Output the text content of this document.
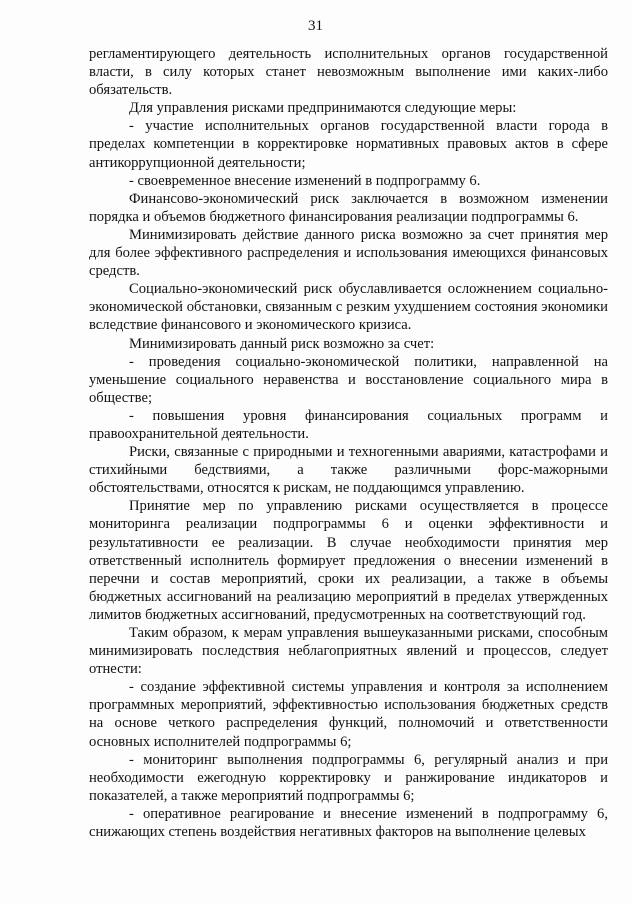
31

регламентирующего деятельность исполнительных органов государственной власти, в силу которых станет невозможным выполнение ими каких-либо обязательств.

Для управления рисками предпринимаются следующие меры:

- участие исполнительных органов государственной власти города в пределах компетенции в корректировке нормативных правовых актов в сфере антикоррупционной деятельности;

- своевременное внесение изменений в подпрограмму 6.

Финансово-экономический риск заключается в возможном изменении порядка и объемов бюджетного финансирования реализации подпрограммы 6.

Минимизировать действие данного риска возможно за счет принятия мер для более эффективного распределения и использования имеющихся финансовых средств.

Социально-экономический риск обуславливается осложнением социально-экономической обстановки, связанным с резким ухудшением состояния экономики вследствие финансового и экономического кризиса.

Минимизировать данный риск возможно за счет:

- проведения социально-экономической политики, направленной на уменьшение социального неравенства и восстановление социального мира в обществе;

- повышения уровня финансирования социальных программ и правоохранительной деятельности.

Риски, связанные с природными и техногенными авариями, катастрофами и стихийными бедствиями, а также различными форс-мажорными обстоятельствами, относятся к рискам, не поддающимся управлению.

Принятие мер по управлению рисками осуществляется в процессе мониторинга реализации подпрограммы 6 и оценки эффективности и результативности ее реализации. В случае необходимости принятия мер ответственный исполнитель формирует предложения о внесении изменений в перечни и состав мероприятий, сроки их реализации, а также в объемы бюджетных ассигнований на реализацию мероприятий в пределах утвержденных лимитов бюджетных ассигнований, предусмотренных на соответствующий год.

Таким образом, к мерам управления вышеуказанными рисками, способным минимизировать последствия неблагоприятных явлений и процессов, следует отнести:

- создание эффективной системы управления и контроля за исполнением программных мероприятий, эффективностью использования бюджетных средств на основе четкого распределения функций, полномочий и ответственности основных исполнителей подпрограммы 6;

- мониторинг выполнения подпрограммы 6, регулярный анализ и при необходимости ежегодную корректировку и ранжирование индикаторов и показателей, а также мероприятий подпрограммы 6;

- оперативное реагирование и внесение изменений в подпрограмму 6, снижающих степень воздействия негативных факторов на выполнение целевых
